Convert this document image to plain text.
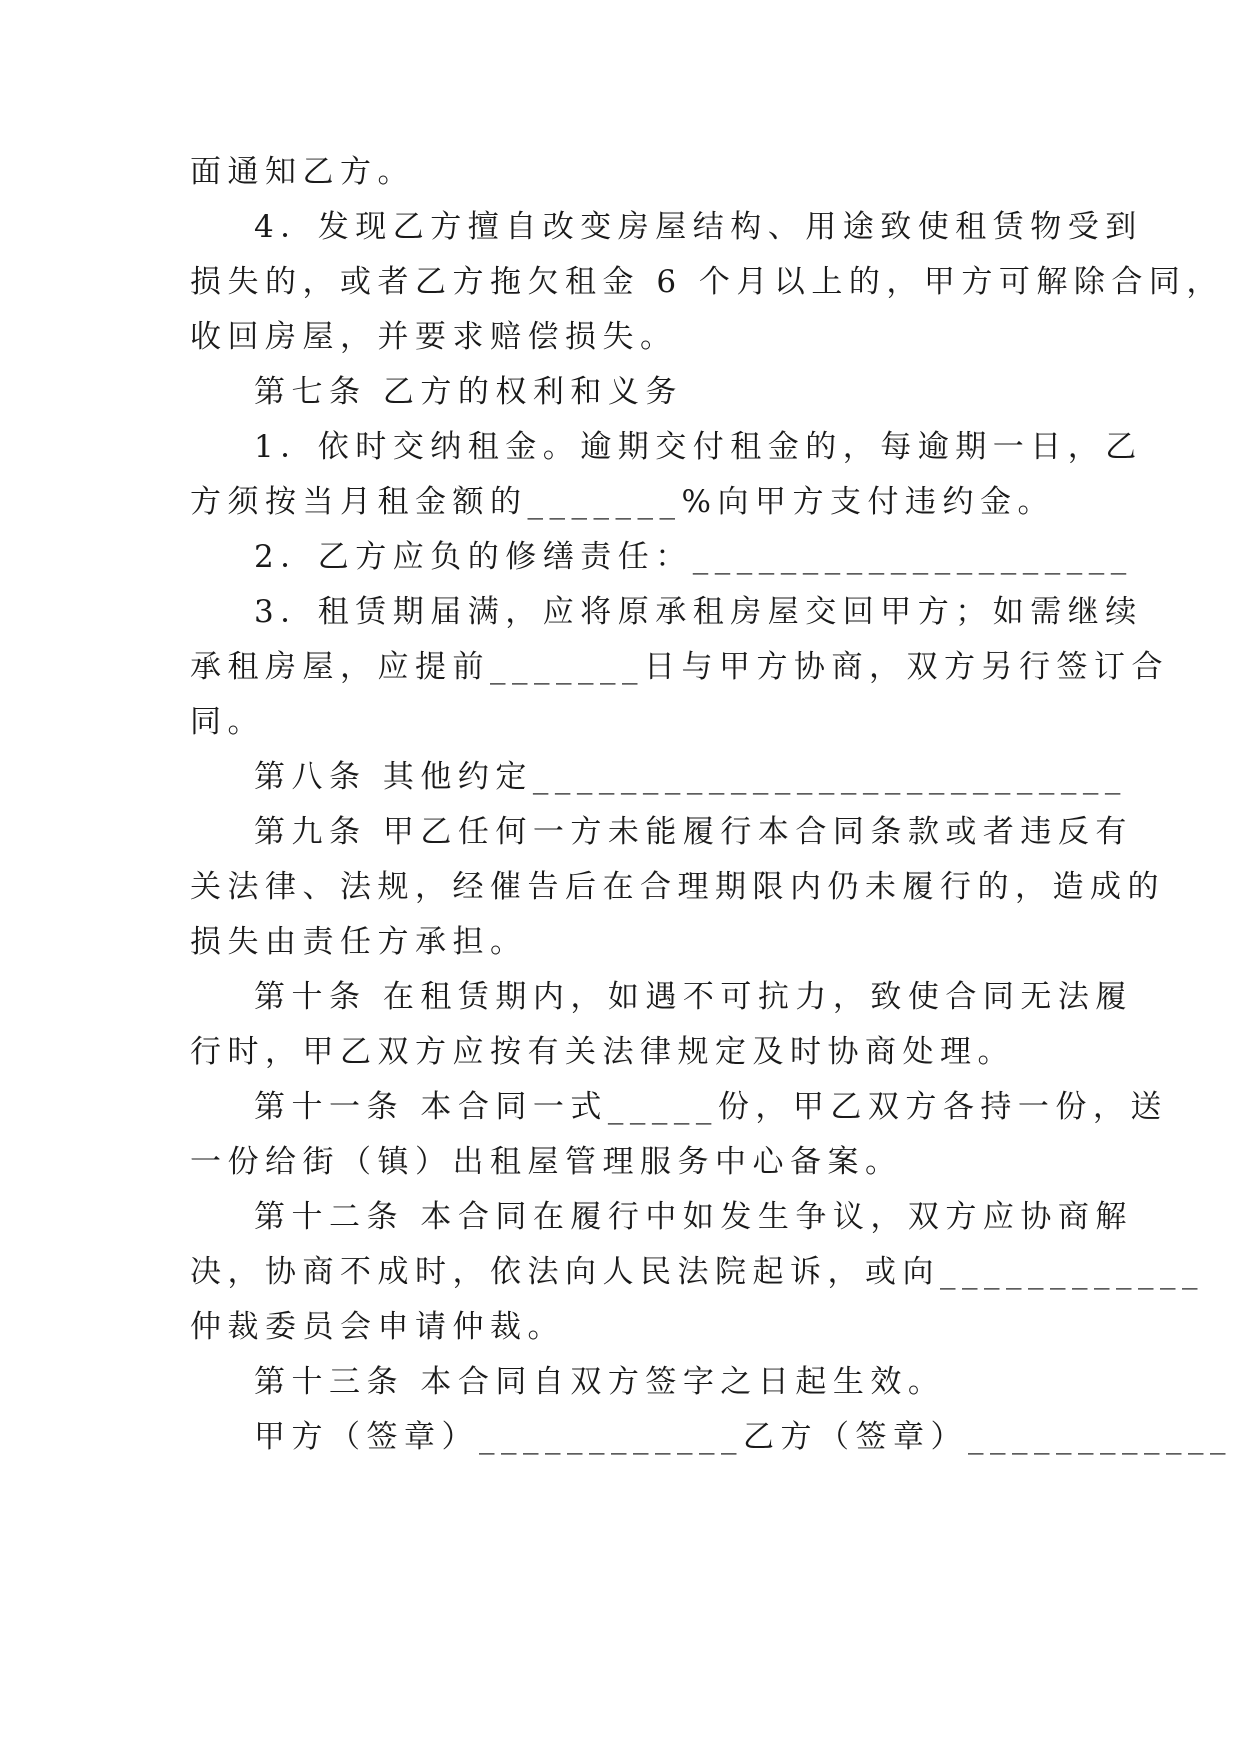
面通知乙方。
4．发现乙方擅自改变房屋结构、用途致使租赁物受到
损失的，或者乙方拖欠租金 6 个月以上的，甲方可解除合同，
收回房屋，并要求赔偿损失。
第七条 乙方的权利和义务
1．依时交纳租金。逾期交付租金的，每逾期一日，乙
方须按当月租金额的_______%向甲方支付违约金。
2．乙方应负的修缮责任：____________________
3．租赁期届满，应将原承租房屋交回甲方；如需继续
承租房屋，应提前_______日与甲方协商，双方另行签订合
同。
第八条 其他约定___________________________
第九条 甲乙任何一方未能履行本合同条款或者违反有
关法律、法规，经催告后在合理期限内仍未履行的，造成的
损失由责任方承担。
第十条 在租赁期内，如遇不可抗力，致使合同无法履
行时，甲乙双方应按有关法律规定及时协商处理。
第十一条 本合同一式_____份，甲乙双方各持一份，送
一份给街（镇）出租屋管理服务中心备案。
第十二条 本合同在履行中如发生争议，双方应协商解
决，协商不成时，依法向人民法院起诉，或向____________
仲裁委员会申请仲裁。
第十三条 本合同自双方签字之日起生效。
甲方（签章）____________乙方（签章）____________
